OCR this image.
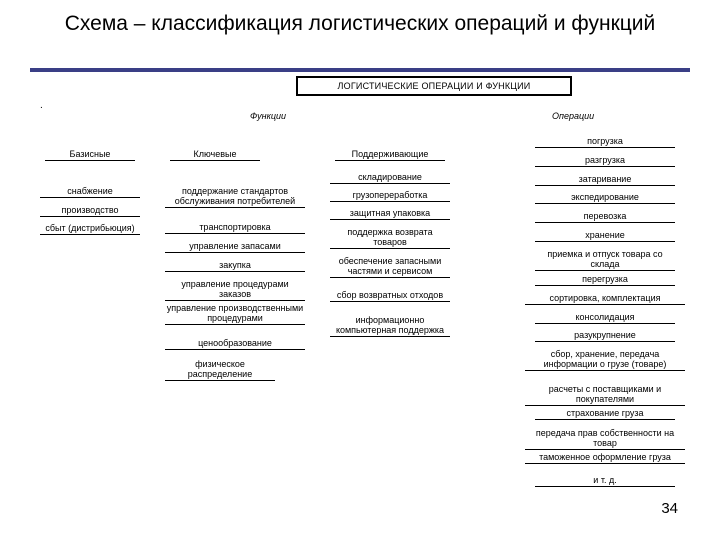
Схема – классификация логистических операций и функций
ЛОГИСТИЧЕСКИЕ ОПЕРАЦИИ И ФУНКЦИИ
.
Функции	Операции
Базисные	Ключевые	Поддерживающие
снабжение
производство
сбыт (дистрибьюция)
поддержание стандартов обслуживания потребителей
транспортировка
управление запасами
закупка
управление процедурами заказов
управление производственными процедурами
ценообразование
физическое распределение
складирование
грузопереработка
защитная упаковка
поддержка возврата товаров
обеспечение запасными частями и сервисом
сбор возвратных отходов
информационно компьютерная поддержка
погрузка
разгрузка
затаривание
экспедирование
перевозка
хранение
приемка и отпуск товара со склада
перегрузка
сортировка, комплектация
консолидация
разукрупнение
сбор, хранение, передача информации о грузе (товаре)
расчеты с поставщиками и покупателями
страхование груза
передача прав собственности на товар
таможенное оформление груза
и т. д.
34
